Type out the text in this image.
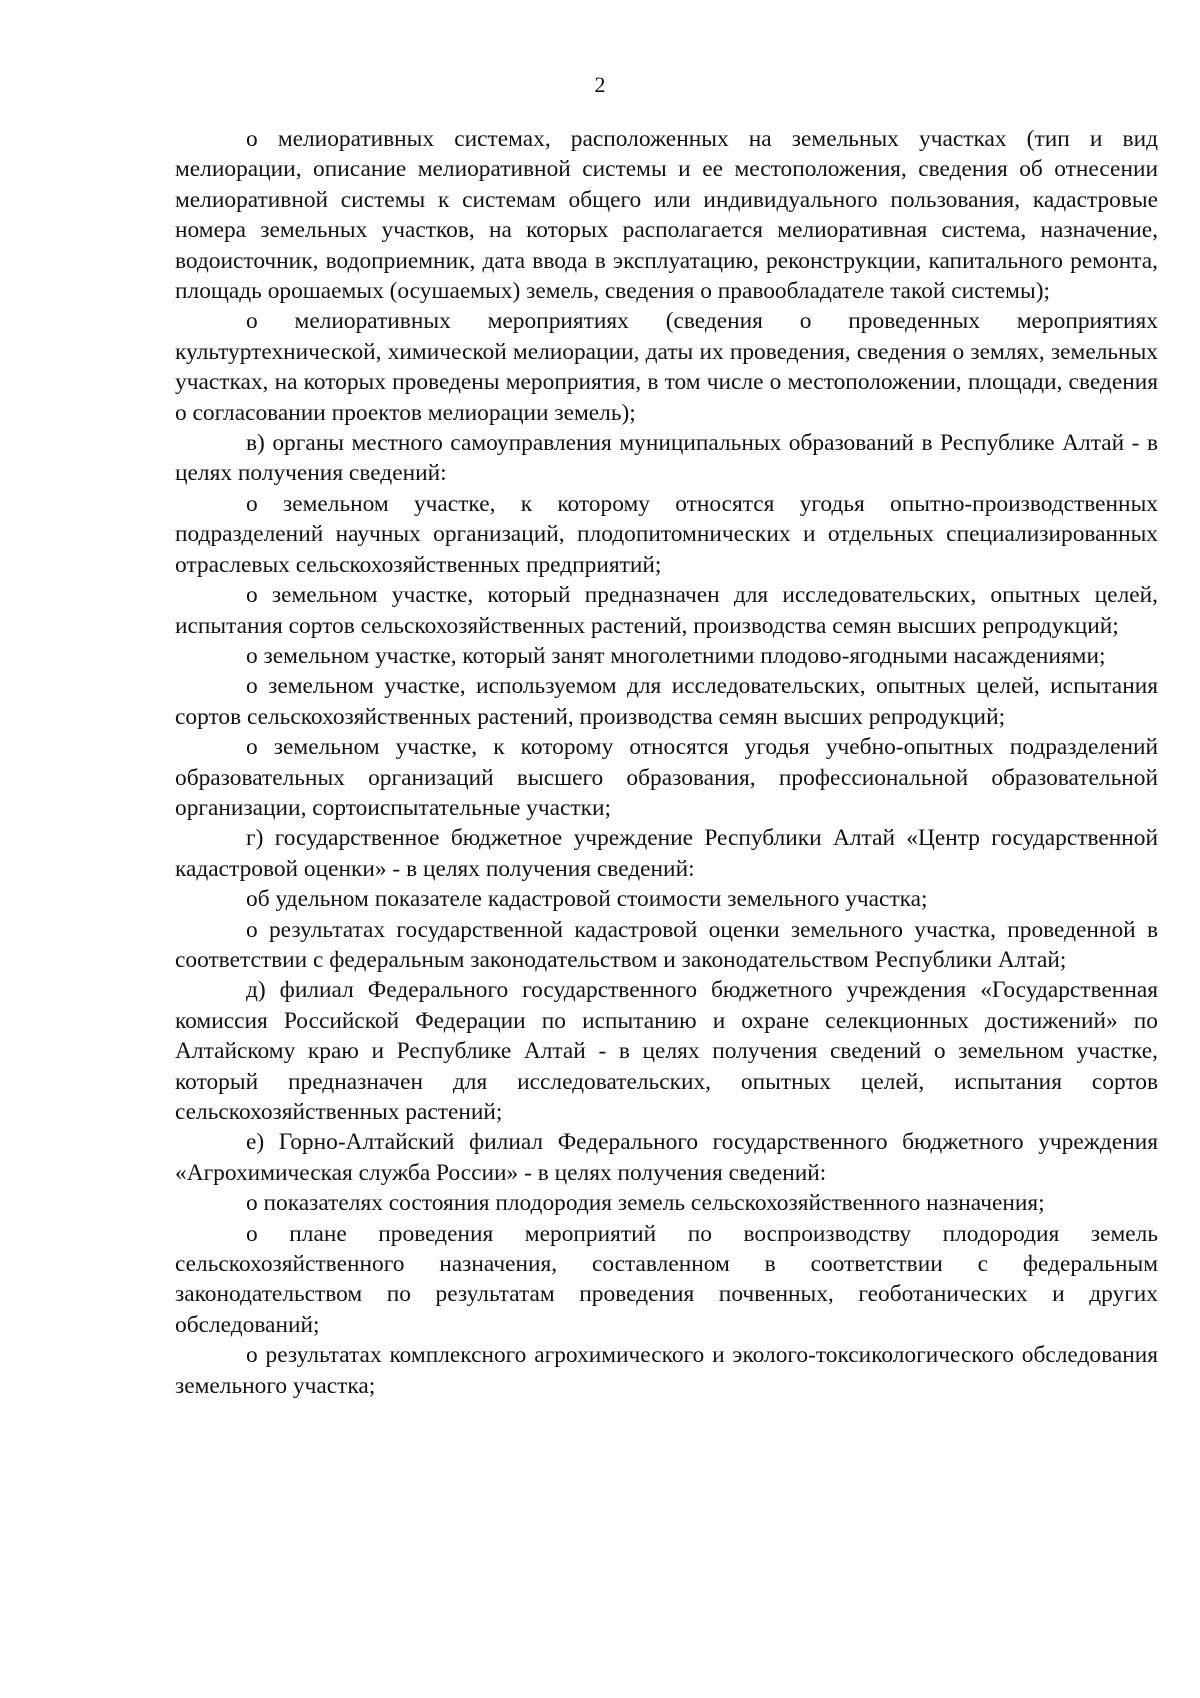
2

о мелиоративных системах, расположенных на земельных участках (тип и вид мелиорации, описание мелиоративной системы и ее местоположения, сведения об отнесении мелиоративной системы к системам общего или индивидуального пользования, кадастровые номера земельных участков, на которых располагается мелиоративная система, назначение, водоисточник, водоприемник, дата ввода в эксплуатацию, реконструкции, капитального ремонта, площадь орошаемых (осушаемых) земель, сведения о правообладателе такой системы);

о мелиоративных мероприятиях (сведения о проведенных мероприятиях культуртехнической, химической мелиорации, даты их проведения, сведения о землях, земельных участках, на которых проведены мероприятия, в том числе о местоположении, площади, сведения о согласовании проектов мелиорации земель);

в) органы местного самоуправления муниципальных образований в Республике Алтай - в целях получения сведений:

о земельном участке, к которому относятся угодья опытно-производственных подразделений научных организаций, плодопитомнических и отдельных специализированных отраслевых сельскохозяйственных предприятий;

о земельном участке, который предназначен для исследовательских, опытных целей, испытания сортов сельскохозяйственных растений, производства семян высших репродукций;

о земельном участке, который занят многолетними плодово-ягодными насаждениями;

о земельном участке, используемом для исследовательских, опытных целей, испытания сортов сельскохозяйственных растений, производства семян высших репродукций;

о земельном участке, к которому относятся угодья учебно-опытных подразделений образовательных организаций высшего образования, профессиональной образовательной организации, сортоиспытательные участки;

г) государственное бюджетное учреждение Республики Алтай «Центр государственной кадастровой оценки» - в целях получения сведений:

об удельном показателе кадастровой стоимости земельного участка;

о результатах государственной кадастровой оценки земельного участка, проведенной в соответствии с федеральным законодательством и законодательством Республики Алтай;

д) филиал Федерального государственного бюджетного учреждения «Государственная комиссия Российской Федерации по испытанию и охране селекционных достижений» по Алтайскому краю и Республике Алтай - в целях получения сведений о земельном участке, который предназначен для исследовательских, опытных целей, испытания сортов сельскохозяйственных растений;

е) Горно-Алтайский филиал Федерального государственного бюджетного учреждения «Агрохимическая служба России» - в целях получения сведений:

о показателях состояния плодородия земель сельскохозяйственного назначения;

о плане проведения мероприятий по воспроизводству плодородия земель сельскохозяйственного назначения, составленном в соответствии с федеральным законодательством по результатам проведения почвенных, геоботанических и других обследований;

о результатах комплексного агрохимического и эколого-токсикологического обследования земельного участка;
